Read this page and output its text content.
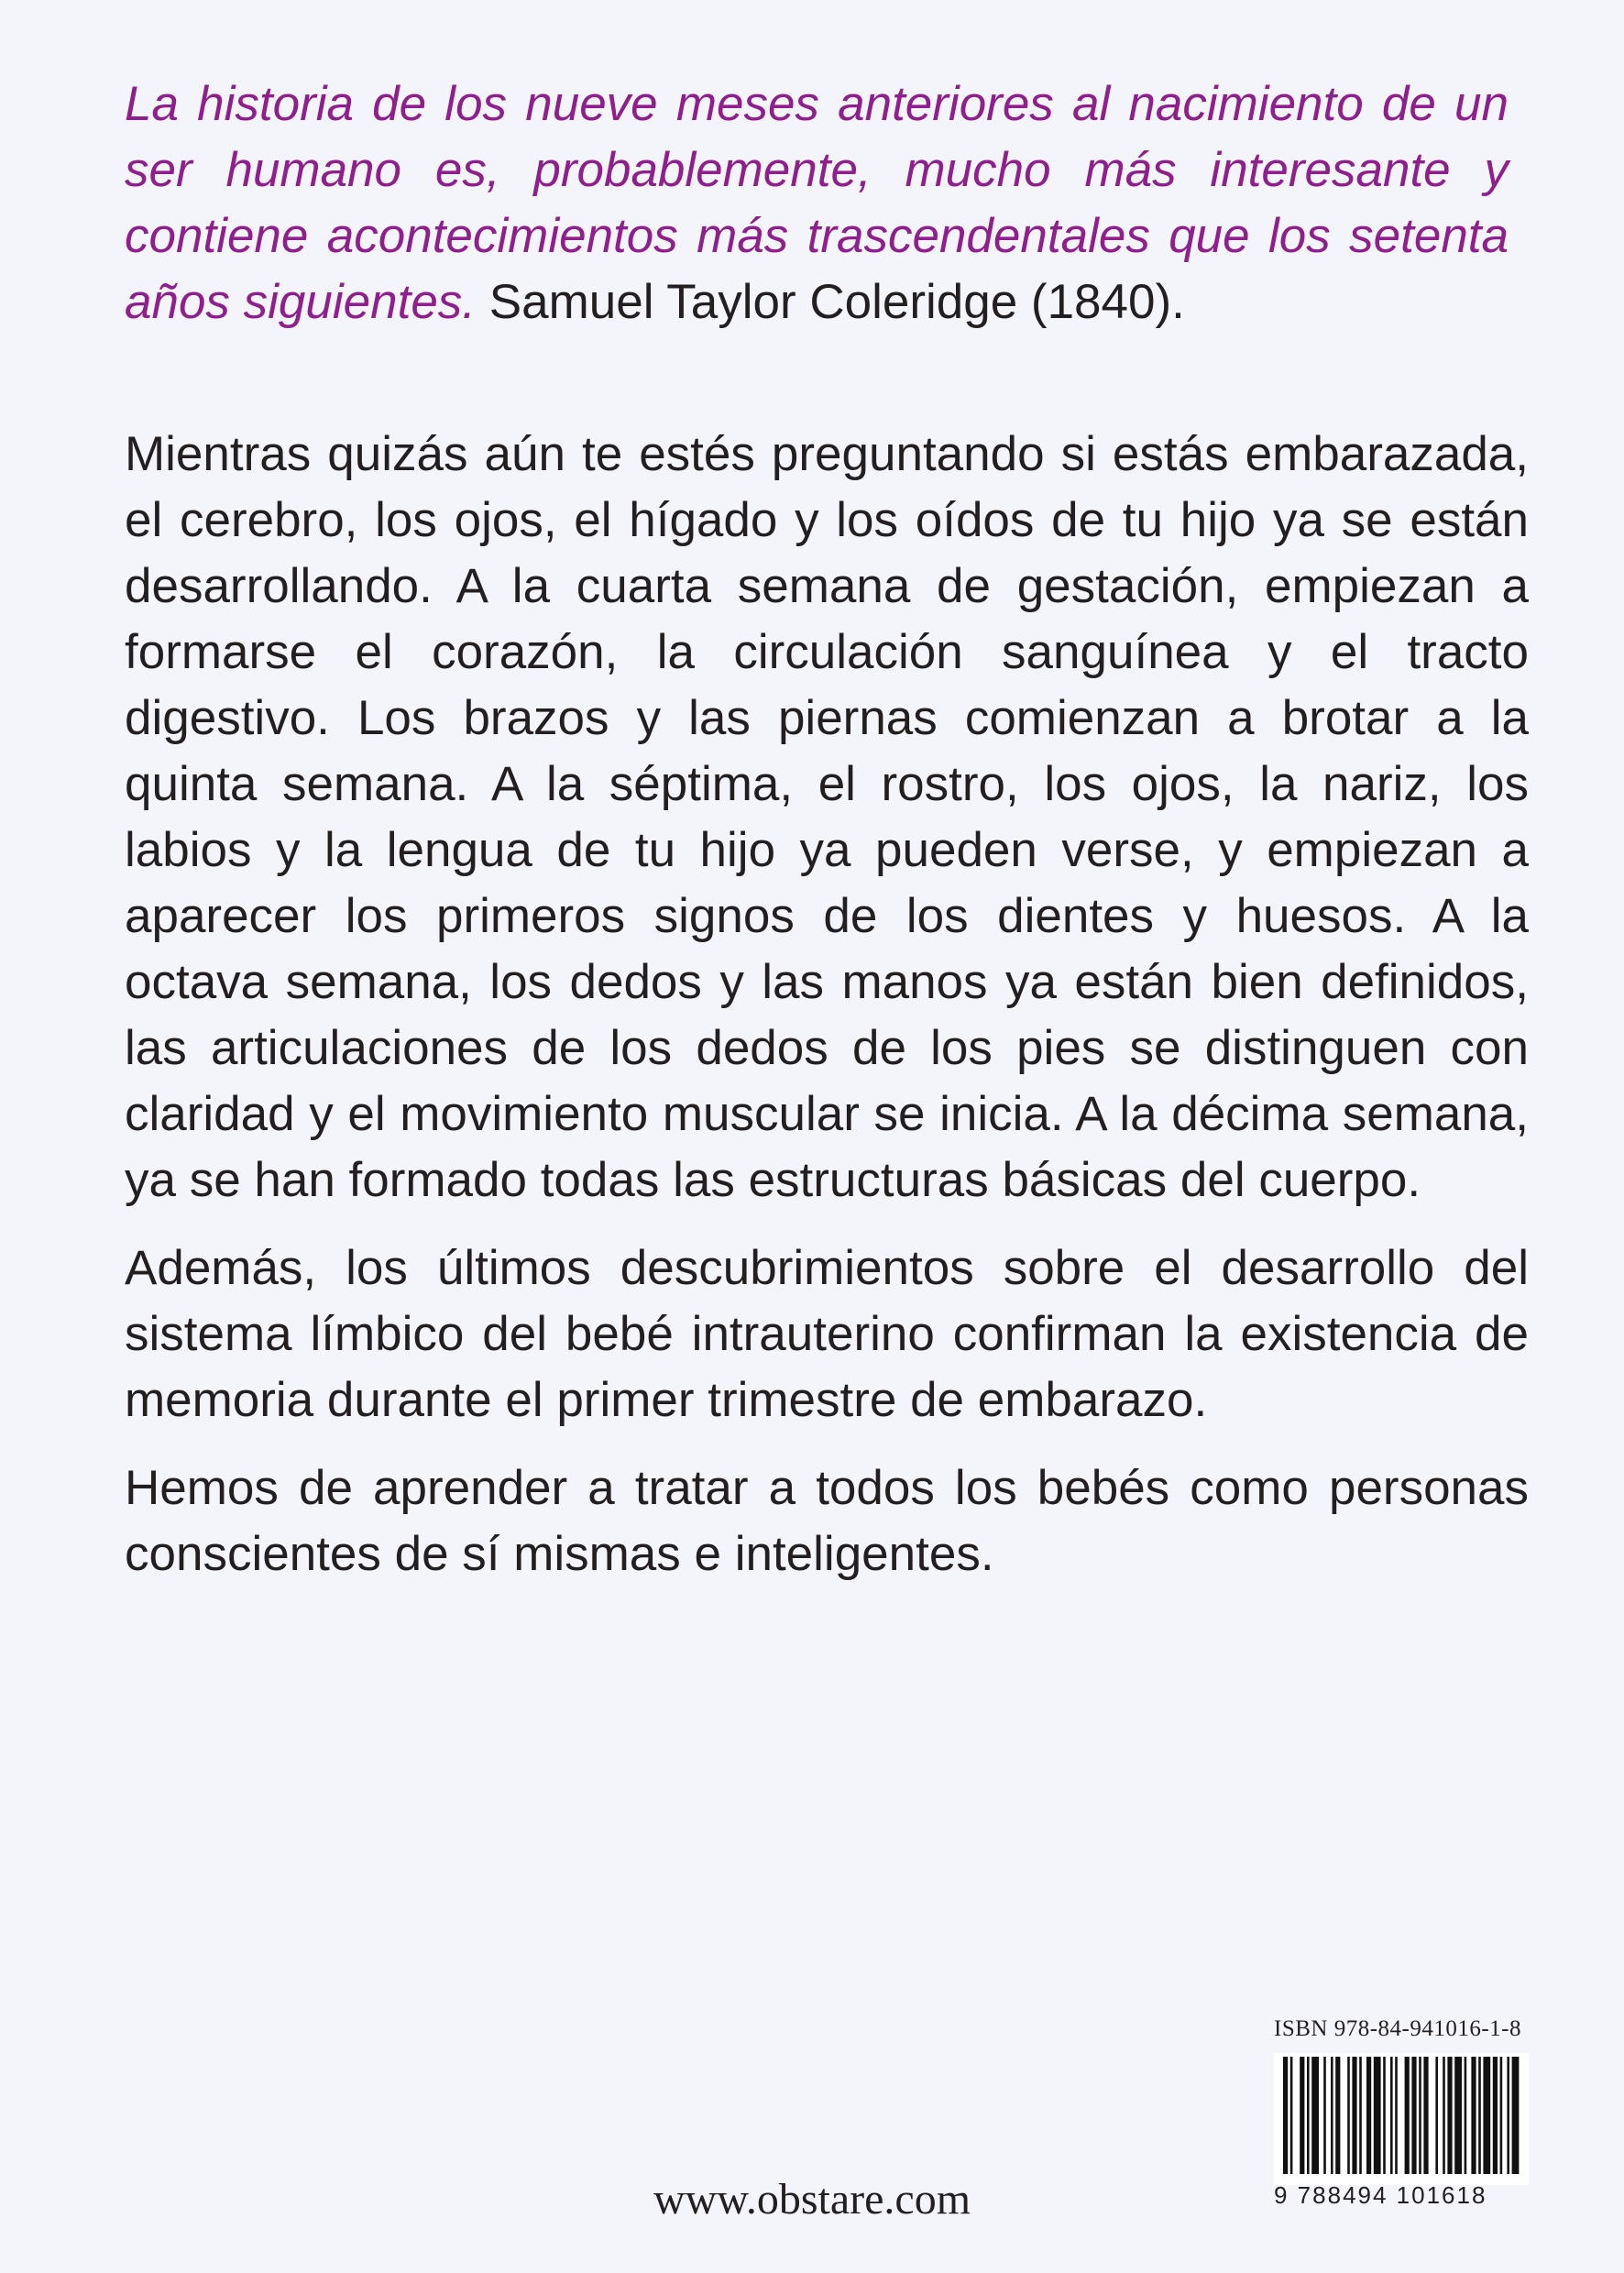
La historia de los nueve meses anteriores al nacimiento de un ser humano es, probablemente, mucho más interesante y contiene acontecimientos más trascendentales que los setenta años siguientes. Samuel Taylor Coleridge (1840).

Mientras quizás aún te estés preguntando si estás embarazada, el cerebro, los ojos, el hígado y los oídos de tu hijo ya se están desarrollando. A la cuarta semana de gestación, empiezan a formarse el corazón, la circulación sanguínea y el tracto digestivo. Los brazos y las piernas comienzan a brotar a la quinta semana. A la séptima, el rostro, los ojos, la nariz, los labios y la lengua de tu hijo ya pueden verse, y empiezan a aparecer los primeros signos de los dientes y huesos. A la octava semana, los dedos y las manos ya están bien definidos, las articulaciones de los dedos de los pies se distinguen con claridad y el movimiento muscular se inicia. A la décima semana, ya se han formado todas las estructuras básicas del cuerpo.

Además, los últimos descubrimientos sobre el desarrollo del sistema límbico del bebé intrauterino confirman la existencia de memoria durante el primer trimestre de embarazo.

Hemos de aprender a tratar a todos los bebés como personas conscientes de sí mismas e inteligentes.

ISBN 978-84-941016-1-8
9 788494 101618
www.obstare.com
